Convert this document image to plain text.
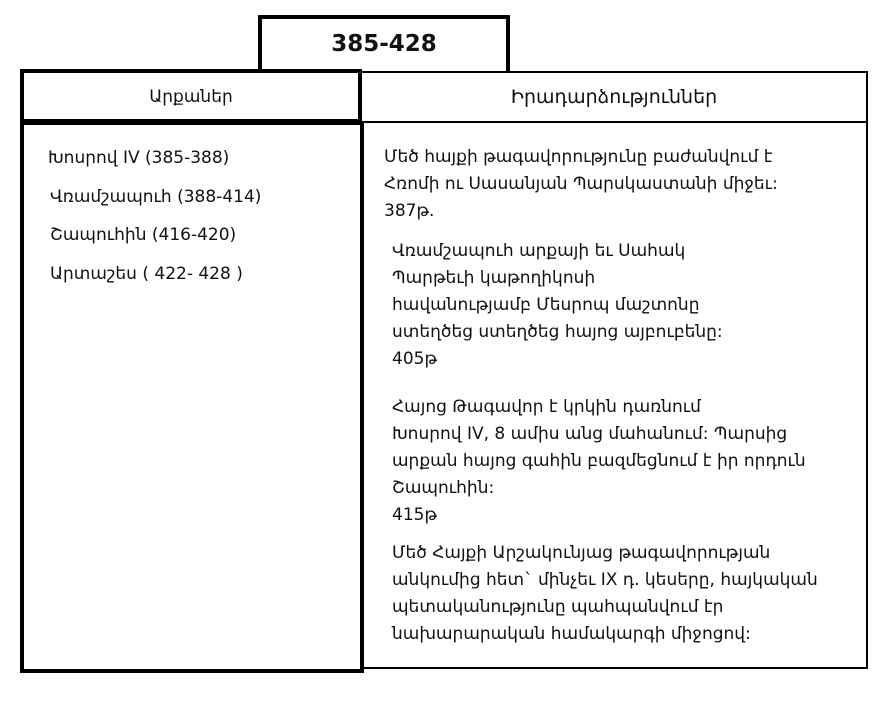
385-428
Արքաներ	Իրադարձություններ
Խոսրով IV (385-388)
Վռամշապուհ (388-414)
Շապուհին (416-420)
Արտաշես ( 422- 428 )
Մեծ հայքի թագավորությունը բաժանվում է
Հռոմի ու Սասանյան Պարսկաստանի միջեւ:
387թ.
Վռամշապուհ արքայի եւ Սահակ
Պարթեւի կաթողիկոսի
հավանությամբ Մեսրոպ մաշտոնը
ստեղծեց ստեղծեց հայոց այբուբենը:
405թ
Հայոց Թագավոր է կրկին դառնում
Խոսրով IV, 8 ամիս անց մահանում: Պարսից
արքան հայոց գահին բազմեցնում է իր որդուն
Շապուհին:
415թ
Մեծ Հայքի Արշակունյաց թագավորության
անկումից հետ` մինչեւ IX դ. կեսերը, հայկական
պետականությունը պահպանվում էր
նախարարական համակարգի միջոցով:
